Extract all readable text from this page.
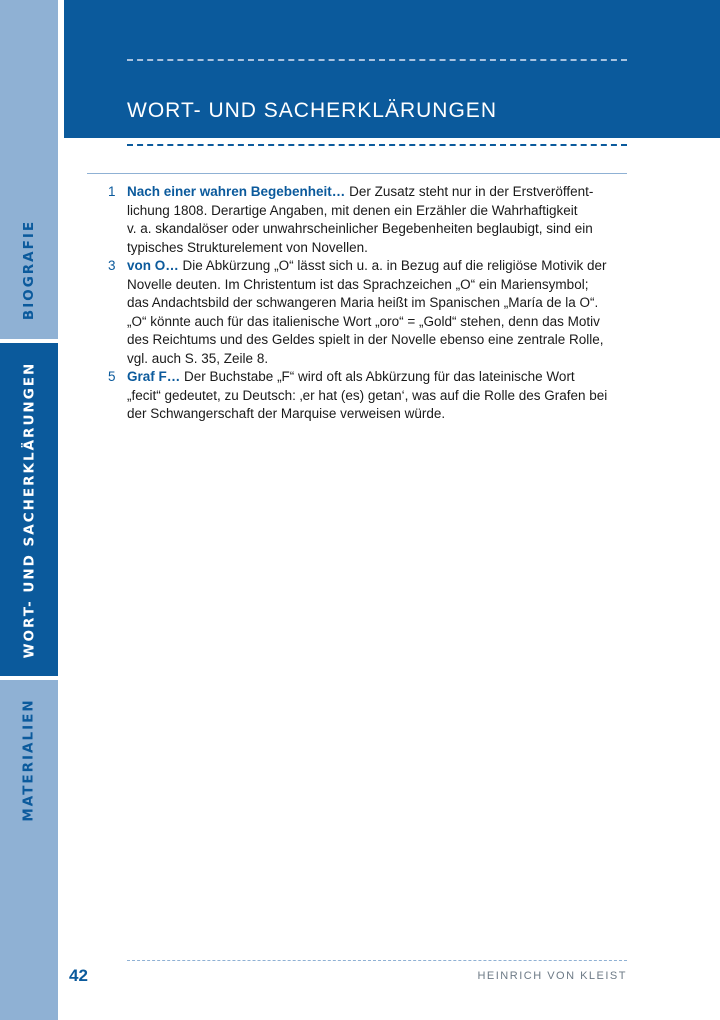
BIOGRAFIE
WORT- UND SACHERKLÄRUNGEN
MATERIALIEN
WORT- UND SACHERKLÄRUNGEN
1 Nach einer wahren Begebenheit… Der Zusatz steht nur in der Erstveröffent-
lichung 1808. Derartige Angaben, mit denen ein Erzähler die Wahrhaftigkeit
v. a. skandalöser oder unwahrscheinlicher Begebenheiten beglaubigt, sind ein
typisches Strukturelement von Novellen.
3 von O… Die Abkürzung „O“ lässt sich u. a. in Bezug auf die religiöse Motivik der
Novelle deuten. Im Christentum ist das Sprachzeichen „O“ ein Mariensymbol;
das Andachtsbild der schwangeren Maria heißt im Spanischen „María de la O“.
„O“ könnte auch für das italienische Wort „oro“ = „Gold“ stehen, denn das Motiv
des Reichtums und des Geldes spielt in der Novelle ebenso eine zentrale Rolle,
vgl. auch S. 35, Zeile 8.
5 Graf F… Der Buchstabe „F“ wird oft als Abkürzung für das lateinische Wort
„fecit“ gedeutet, zu Deutsch: ‚er hat (es) getan‘, was auf die Rolle des Grafen bei
der Schwangerschaft der Marquise verweisen würde.
42	HEINRICH VON KLEIST
